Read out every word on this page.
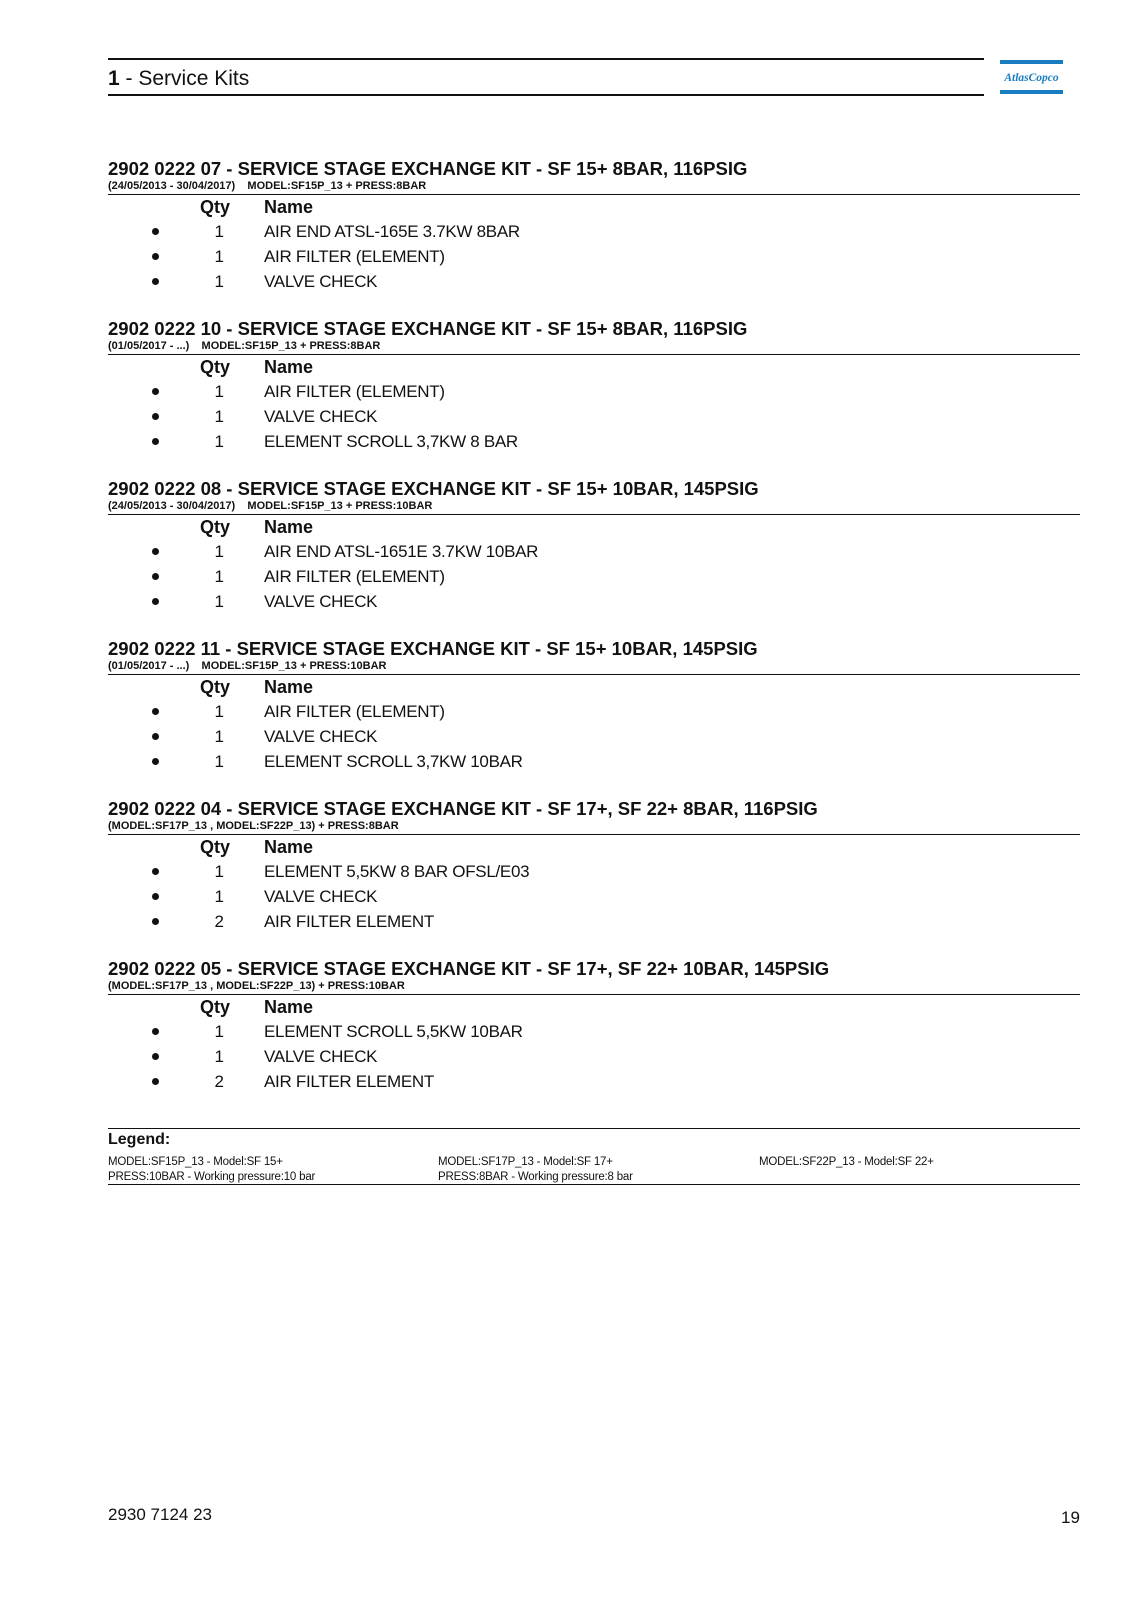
1 - Service Kits	AtlasCopco
2902 0222 07 - SERVICE STAGE EXCHANGE KIT - SF 15+ 8BAR, 116PSIG
(24/05/2013 - 30/04/2017)    MODEL:SF15P_13 + PRESS:8BAR
Qty Name
1 AIR END ATSL-165E 3.7KW 8BAR
1 AIR FILTER (ELEMENT)
1 VALVE CHECK
2902 0222 10 - SERVICE STAGE EXCHANGE KIT - SF 15+ 8BAR, 116PSIG
(01/05/2017 - ...)    MODEL:SF15P_13 + PRESS:8BAR
Qty Name
1 AIR FILTER (ELEMENT)
1 VALVE CHECK
1 ELEMENT SCROLL 3,7KW 8 BAR
2902 0222 08 - SERVICE STAGE EXCHANGE KIT - SF 15+ 10BAR, 145PSIG
(24/05/2013 - 30/04/2017)    MODEL:SF15P_13 + PRESS:10BAR
Qty Name
1 AIR END ATSL-1651E 3.7KW 10BAR
1 AIR FILTER (ELEMENT)
1 VALVE CHECK
2902 0222 11 - SERVICE STAGE EXCHANGE KIT - SF 15+ 10BAR, 145PSIG
(01/05/2017 - ...)    MODEL:SF15P_13 + PRESS:10BAR
Qty Name
1 AIR FILTER (ELEMENT)
1 VALVE CHECK
1 ELEMENT SCROLL 3,7KW 10BAR
2902 0222 04 - SERVICE STAGE EXCHANGE KIT - SF 17+, SF 22+ 8BAR, 116PSIG
(MODEL:SF17P_13 , MODEL:SF22P_13) + PRESS:8BAR
Qty Name
1 ELEMENT 5,5KW 8 BAR OFSL/E03
1 VALVE CHECK
2 AIR FILTER ELEMENT
2902 0222 05 - SERVICE STAGE EXCHANGE KIT - SF 17+, SF 22+ 10BAR, 145PSIG
(MODEL:SF17P_13 , MODEL:SF22P_13) + PRESS:10BAR
Qty Name
1 ELEMENT SCROLL 5,5KW 10BAR
1 VALVE CHECK
2 AIR FILTER ELEMENT
Legend:
MODEL:SF15P_13 - Model:SF 15+
PRESS:10BAR - Working pressure:10 bar
MODEL:SF17P_13 - Model:SF 17+
PRESS:8BAR - Working pressure:8 bar
MODEL:SF22P_13 - Model:SF 22+
2930 7124 23	19
